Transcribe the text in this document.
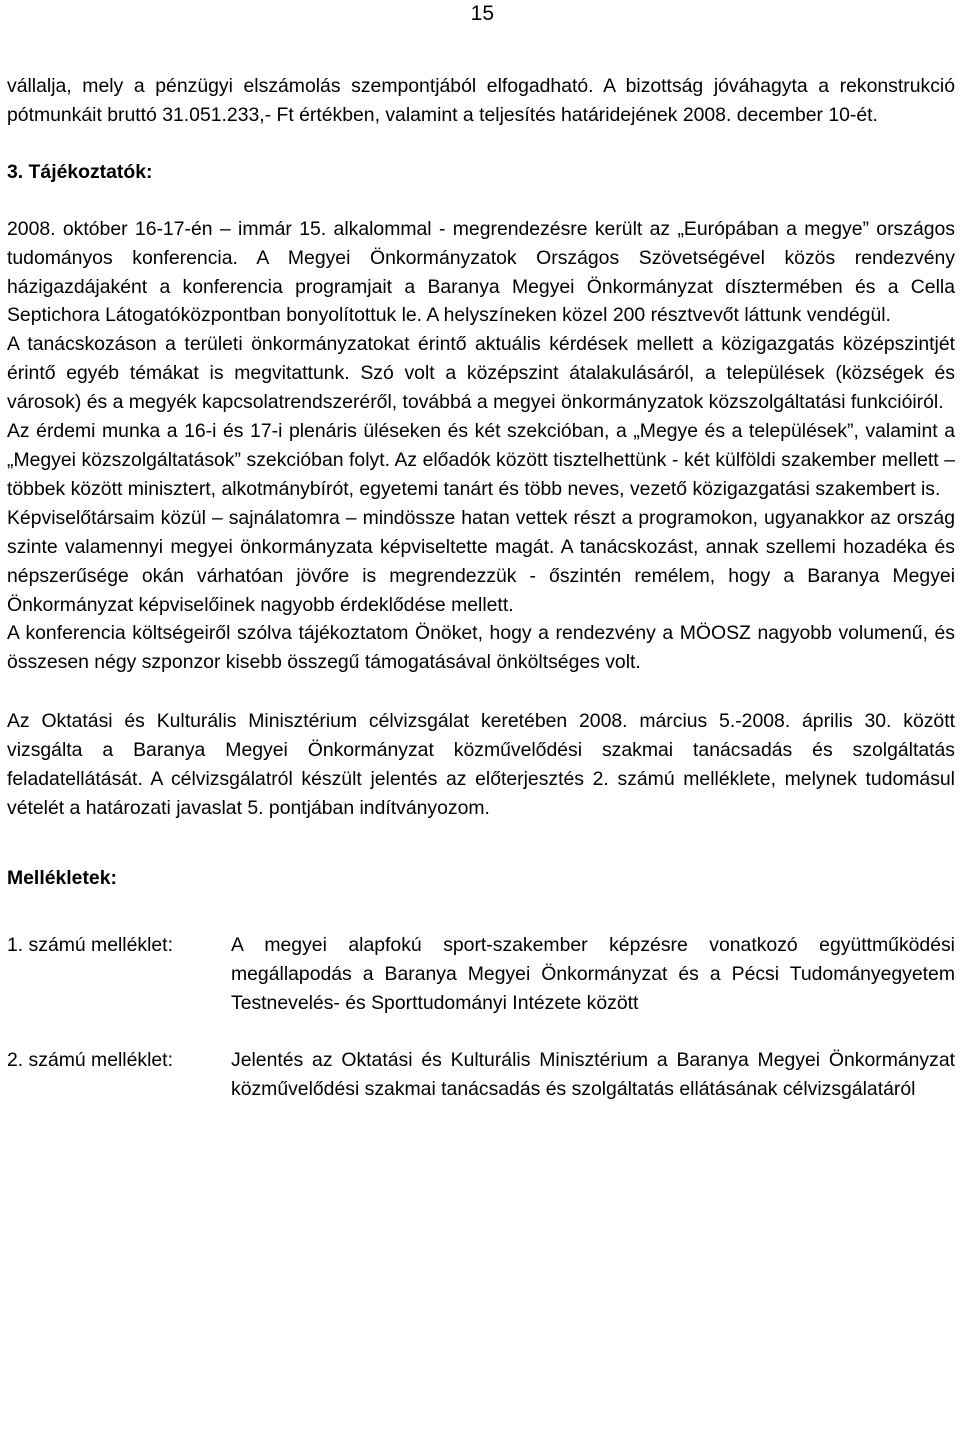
15

vállalja, mely a pénzügyi elszámolás szempontjából elfogadható. A bizottság jóváhagyta a rekonstrukció pótmunkáit bruttó 31.051.233,- Ft értékben, valamint a teljesítés határidejének 2008. december 10-ét.

3. Tájékoztatók:

2008. október 16-17-én – immár 15. alkalommal - megrendezésre került az „Európában a megye” országos tudományos konferencia. A Megyei Önkormányzatok Országos Szövetségével közös rendezvény házigazdájaként a konferencia programjait a Baranya Megyei Önkormányzat dísztermében és a Cella Septichora Látogatóközpontban bonyolítottuk le. A helyszíneken közel 200 résztvevőt láttunk vendégül.

A tanácskozáson a területi önkormányzatokat érintő aktuális kérdések mellett a közigazgatás középszintjét érintő egyéb témákat is megvitattunk. Szó volt a középszint átalakulásáról, a települések (községek és városok) és a megyék kapcsolatrendszeréről, továbbá a megyei önkormányzatok közszolgáltatási funkcióiról.

Az érdemi munka a 16-i és 17-i plenáris üléseken és két szekcióban, a „Megye és a települések”, valamint a „Megyei közszolgáltatások” szekcióban folyt. Az előadók között tisztelhettünk - két külföldi szakember mellett – többek között minisztert, alkotmánybírót, egyetemi tanárt és több neves, vezető közigazgatási szakembert is.

Képviselőtársaim közül – sajnálatomra – mindössze hatan vettek részt a programokon, ugyanakkor az ország szinte valamennyi megyei önkormányzata képviseltette magát. A tanácskozást, annak szellemi hozadéka és népszerűsége okán várhatóan jövőre is megrendezzük - őszintén remélem, hogy a Baranya Megyei Önkormányzat képviselőinek nagyobb érdeklődése mellett.

A konferencia költségeiről szólva tájékoztatom Önöket, hogy a rendezvény a MÖOSZ nagyobb volumenű, és összesen négy szponzor kisebb összegű támogatásával önköltséges volt.

Az Oktatási és Kulturális Minisztérium célvizsgálat keretében 2008. március 5.-2008. április 30. között vizsgálta a Baranya Megyei Önkormányzat közművelődési szakmai tanácsadás és szolgáltatás feladatellátását. A célvizsgálatról készült jelentés az előterjesztés 2. számú melléklete, melynek tudomásul vételét a határozati javaslat 5. pontjában indítványozom.

Mellékletek:

1. számú melléklet:	A megyei alapfokú sport-szakember képzésre vonatkozó együttműködési megállapodás a Baranya Megyei Önkormányzat és a Pécsi Tudományegyetem Testnevelés- és Sporttudományi Intézete között
2. számú melléklet:	Jelentés az Oktatási és Kulturális Minisztérium a Baranya Megyei Önkormányzat közművelődési szakmai tanácsadás és szolgáltatás ellátásának célvizsgálatáról
